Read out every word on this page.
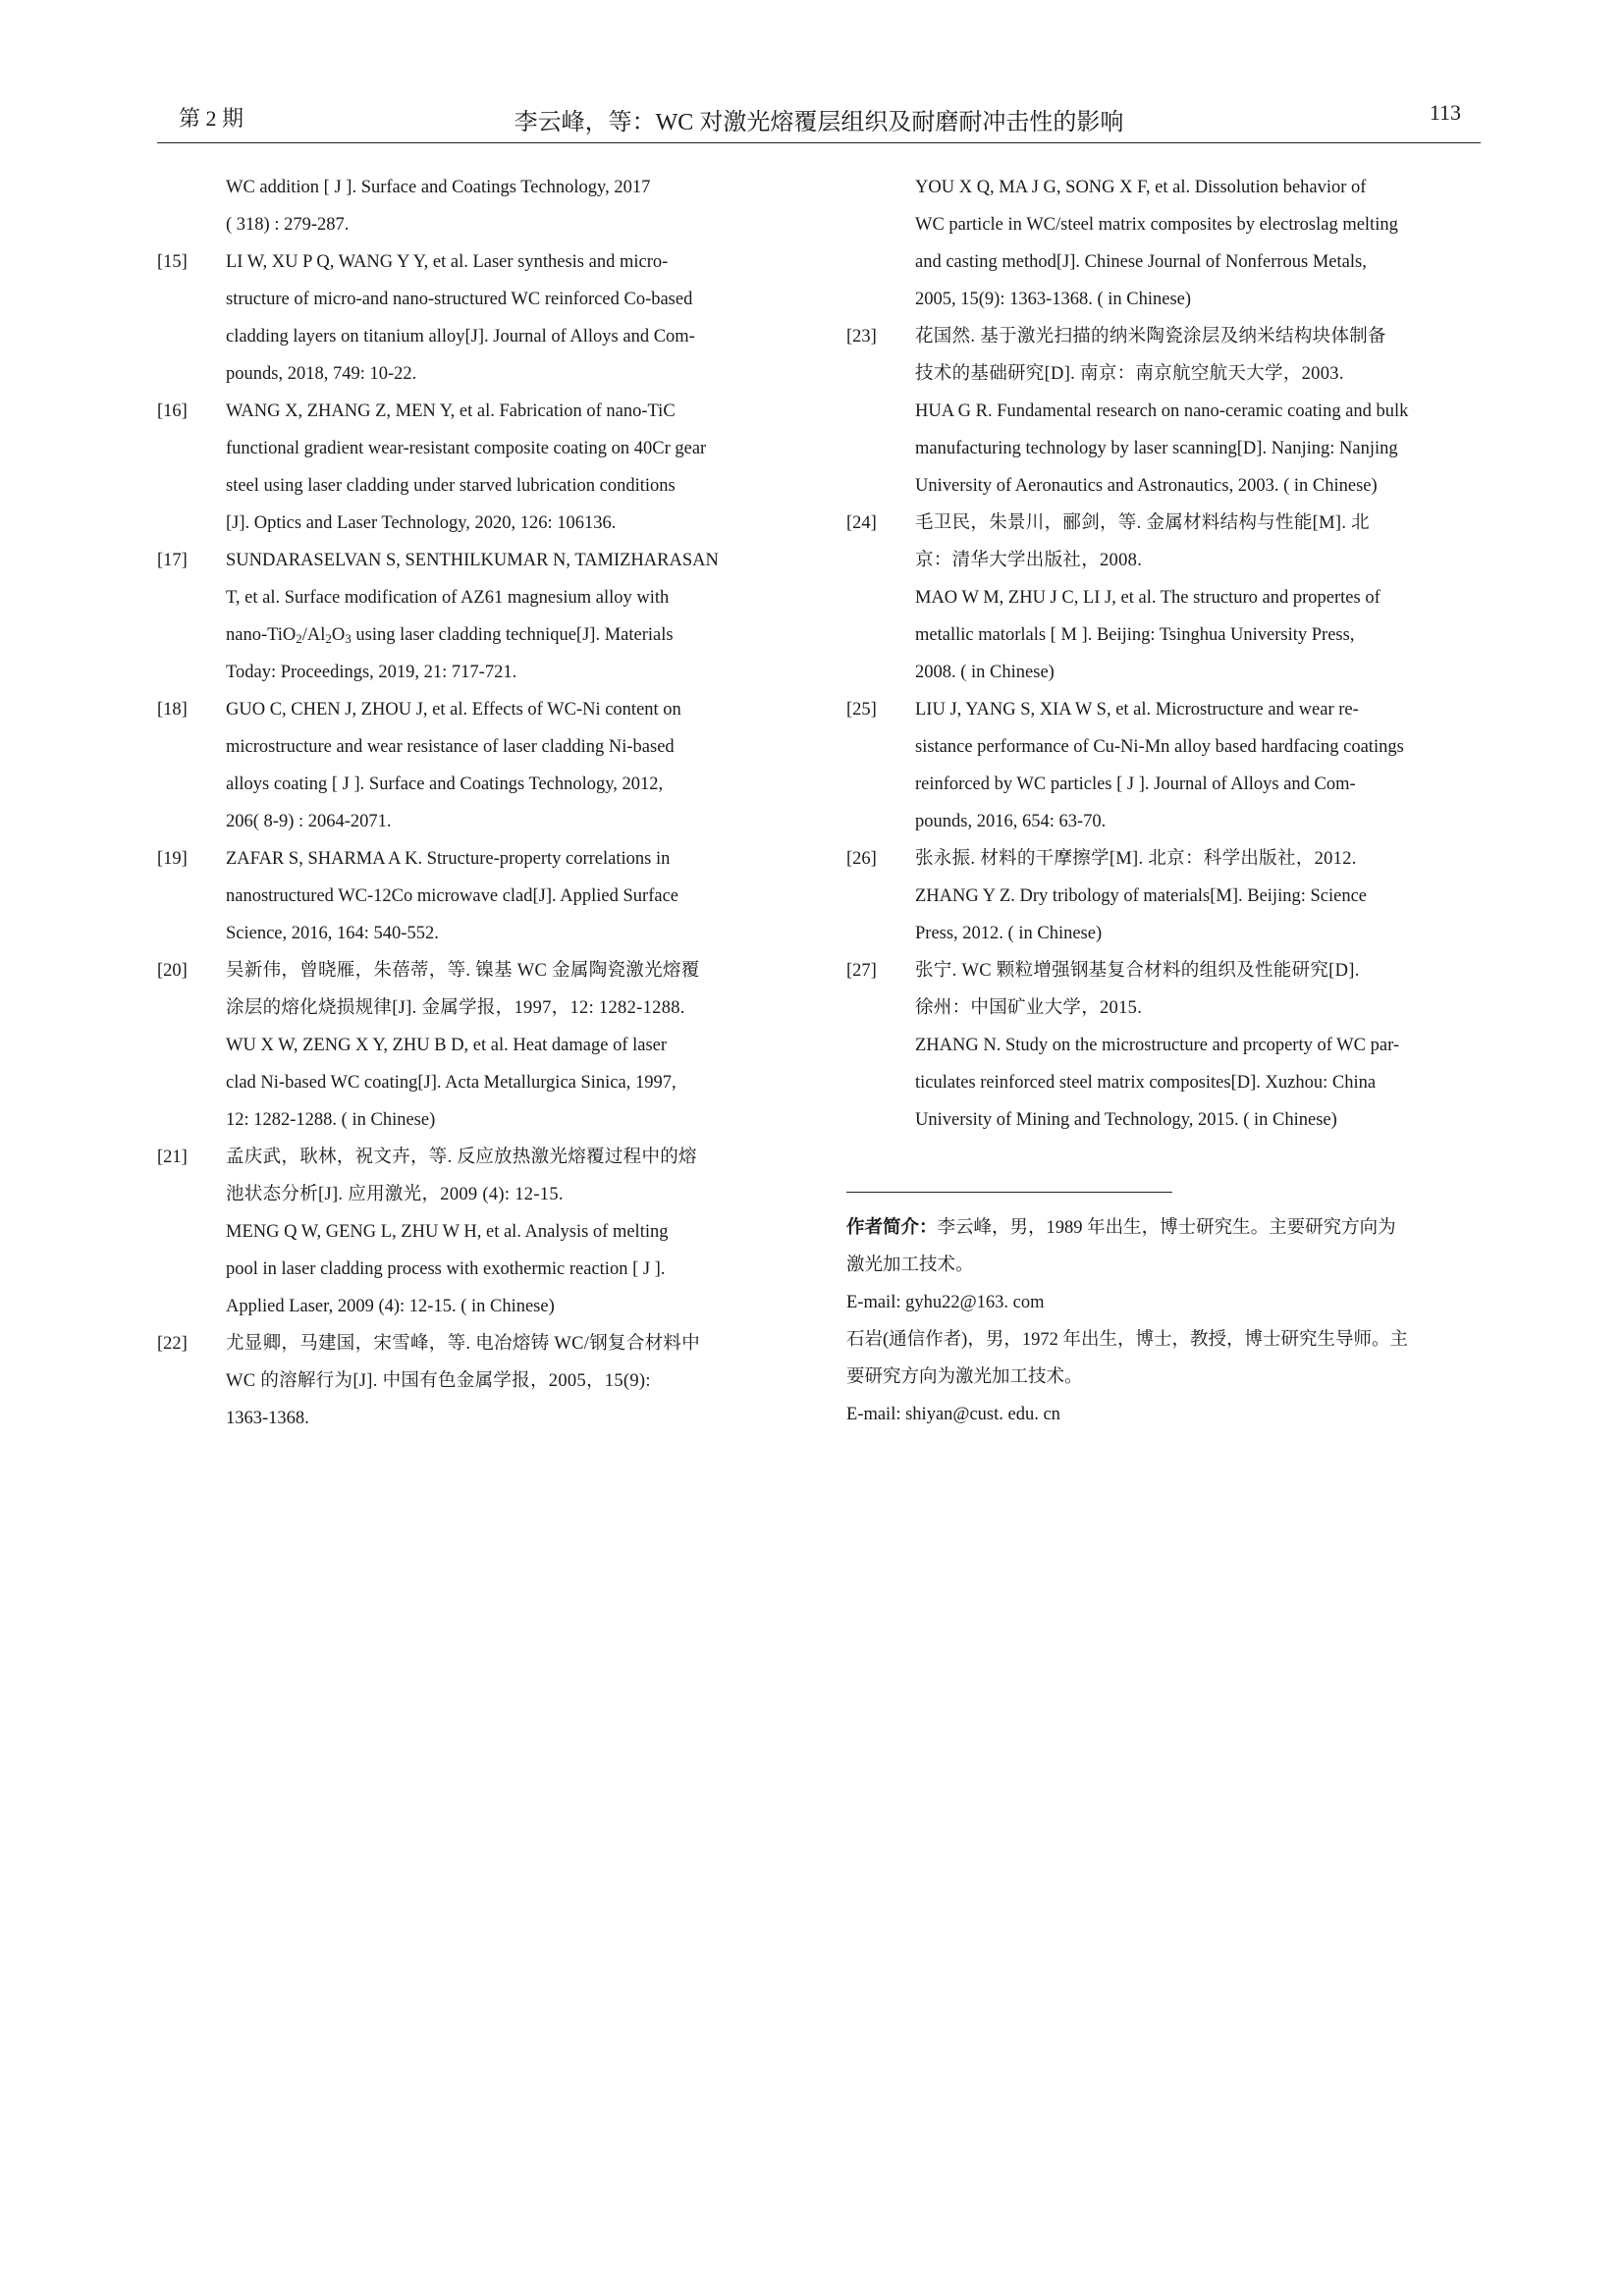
第 2 期	李云峰，等：WC 对激光熔覆层组织及耐磨耐冲击性的影响	113
WC addition [ J ]. Surface and Coatings Technology, 2017
( 318) : 279-287.
[15] LI W, XU P Q, WANG Y Y, et al. Laser synthesis and micro-
structure of micro-and nano-structured WC reinforced Co-based
cladding layers on titanium alloy[J]. Journal of Alloys and Com-
pounds, 2018, 749: 10-22.
[16] WANG X, ZHANG Z, MEN Y, et al. Fabrication of nano-TiC
functional gradient wear-resistant composite coating on 40Cr gear
steel using laser cladding under starved lubrication conditions
[J]. Optics and Laser Technology, 2020, 126: 106136.
[17] SUNDARASELVAN S, SENTHILKUMAR N, TAMIZHARASAN
T, et al. Surface modification of AZ61 magnesium alloy with
nano-$TiO_2/Al_2O_3$ using laser cladding technique[J]. Materials
Today: Proceedings, 2019, 21: 717-721.
[18] GUO C, CHEN J, ZHOU J, et al. Effects of WC-Ni content on
microstructure and wear resistance of laser cladding Ni-based
alloys coating [ J ]. Surface and Coatings Technology, 2012,
206( 8-9) : 2064-2071.
[19] ZAFAR S, SHARMA A K. Structure-property correlations in
nanostructured WC-12Co microwave clad[J]. Applied Surface
Science, 2016, 164: 540-552.
[20] 吴新伟，曾晓雁，朱蓓蒂，等. 镍基 WC 金属陶瓷激光熔覆
涂层的熔化烧损规律[J]. 金属学报，1997，12: 1282-1288.
WU X W, ZENG X Y, ZHU B D, et al. Heat damage of laser
clad Ni-based WC coating[J]. Acta Metallurgica Sinica, 1997,
12: 1282-1288. ( in Chinese)
[21] 孟庆武，耿林，祝文卉，等. 反应放热激光熔覆过程中的熔
池状态分析[J]. 应用激光，2009 (4): 12-15.
MENG Q W, GENG L, ZHU W H, et al. Analysis of melting
pool in laser cladding process with exothermic reaction [ J ].
Applied Laser, 2009 (4): 12-15. ( in Chinese)
[22] 尤显卿，马建国，宋雪峰，等. 电冶熔铸 WC/钢复合材料中
WC 的溶解行为[J]. 中国有色金属学报，2005，15(9):
1363-1368.
YOU X Q, MA J G, SONG X F, et al. Dissolution behavior of
WC particle in WC/steel matrix composites by electroslag melting
and casting method[J]. Chinese Journal of Nonferrous Metals,
2005, 15(9): 1363-1368. ( in Chinese)
[23] 花国然. 基于激光扫描的纳米陶瓷涂层及纳米结构块体制备
技术的基础研究[D]. 南京：南京航空航天大学，2003.
HUA G R. Fundamental research on nano-ceramic coating and bulk
manufacturing technology by laser scanning[D]. Nanjing: Nanjing
University of Aeronautics and Astronautics, 2003. ( in Chinese)
[24] 毛卫民，朱景川，郦剑，等. 金属材料结构与性能[M]. 北
京：清华大学出版社，2008.
MAO W M, ZHU J C, LI J, et al. The structuro and propertes of
metallic matorlals [ M ]. Beijing: Tsinghua University Press,
2008. ( in Chinese)
[25] LIU J, YANG S, XIA W S, et al. Microstructure and wear re-
sistance performance of Cu-Ni-Mn alloy based hardfacing coatings
reinforced by WC particles [ J ]. Journal of Alloys and Com-
pounds, 2016, 654: 63-70.
[26] 张永振. 材料的干摩擦学[M]. 北京：科学出版社，2012.
ZHANG Y Z. Dry tribology of materials[M]. Beijing: Science
Press, 2012. ( in Chinese)
[27] 张宁. WC 颗粒增强钢基复合材料的组织及性能研究[D].
徐州：中国矿业大学，2015.
ZHANG N. Study on the microstructure and prcoperty of WC par-
ticulates reinforced steel matrix composites[D]. Xuzhou: China
University of Mining and Technology, 2015. ( in Chinese)
作者简介：李云峰，男，1989 年出生，博士研究生。主要研究方向为
激光加工技术。
E-mail: gyhu22@163. com
石岩(通信作者)，男，1972 年出生，博士，教授，博士研究生导师。主
要研究方向为激光加工技术。
E-mail: shiyan@cust. edu. cn
